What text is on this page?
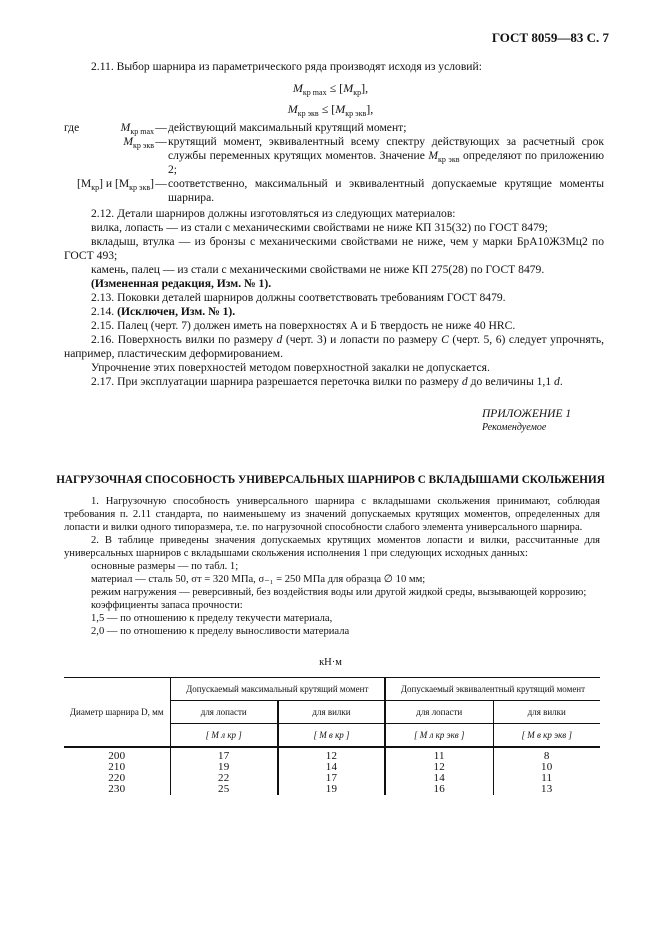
ГОСТ 8059—83 С. 7
2.11. Выбор шарнира из параметрического ряда производят исходя из условий:
$M_{кр max} \le [M_{кр}]$,
$M_{кр экв} \le [M_{кр экв}]$,
где	$M_{кр max}$ — действующий максимальный крутящий момент;
$M_{кр экв}$ — крутящий момент, эквивалентный всему спектру действующих за расчетный срок службы переменных крутящих моментов. Значение $M_{кр экв}$ определяют по приложению 2;
$[M_{кр}]$ и $[M_{кр экв}]$ — соответственно, максимальный и эквивалентный допускаемые крутящие моменты шарнира.
2.12. Детали шарниров должны изготовляться из следующих материалов:
вилка, лопасть — из стали с механическими свойствами не ниже КП 315(32) по ГОСТ 8479;
вкладыш, втулка — из бронзы с механическими свойствами не ниже, чем у марки БрА10Ж3Мц2 по ГОСТ 493;
камень, палец — из стали с механическими свойствами не ниже КП 275(28) по ГОСТ 8479.
(Измененная редакция, Изм. № 1).
2.13. Поковки деталей шарниров должны соответствовать требованиям ГОСТ 8479.
2.14. (Исключен, Изм. № 1).
2.15. Палец (черт. 7) должен иметь на поверхностях А и Б твердость не ниже 40 HRC.
2.16. Поверхность вилки по размеру d (черт. 3) и лопасти по размеру C (черт. 5, 6) следует упрочнять, например, пластическим деформированием.
Упрочнение этих поверхностей методом поверхностной закалки не допускается.
2.17. При эксплуатации шарнира разрешается переточка вилки по размеру d до величины 1,1 d.
ПРИЛОЖЕНИЕ 1
Рекомендуемое
НАГРУЗОЧНАЯ СПОСОБНОСТЬ УНИВЕРСАЛЬНЫХ ШАРНИРОВ С ВКЛАДЫШАМИ СКОЛЬЖЕНИЯ
1. Нагрузочную способность универсального шарнира с вкладышами скольжения принимают, соблюдая требования п. 2.11 стандарта, по наименьшему из значений допускаемых крутящих моментов, определенных для лопасти и вилки одного типоразмера, т.е. по нагрузочной способности слабого элемента универсального шарнира.
2. В таблице приведены значения допускаемых крутящих моментов лопасти и вилки, рассчитанные для универсальных шарниров с вкладышами скольжения исполнения 1 при следующих исходных данных:
основные размеры — по табл. 1;
материал — сталь 50, σт = 320 МПа, σ₋₁ = 250 МПа для образца ∅ 10 мм;
режим нагружения — реверсивный, без воздействия воды или другой жидкой среды, вызывающей коррозию;
коэффициенты запаса прочности:
1,5 — по отношению к пределу текучести материала,
2,0 — по отношению к пределу выносливости материала
кН·м
Диаметр шарнира D, мм	Допускаемый максимальный крутящий момент		Допускаемый эквивалентный крутящий момент	
	для лопасти	для вилки	для лопасти	для вилки
	[ M л кр ]	[ M в кр ]	[ M л кр экв ]	[ M в кр экв ]
200	17	12	11	8
210	19	14	12	10
220	22	17	14	11
230	25	19	16	13
